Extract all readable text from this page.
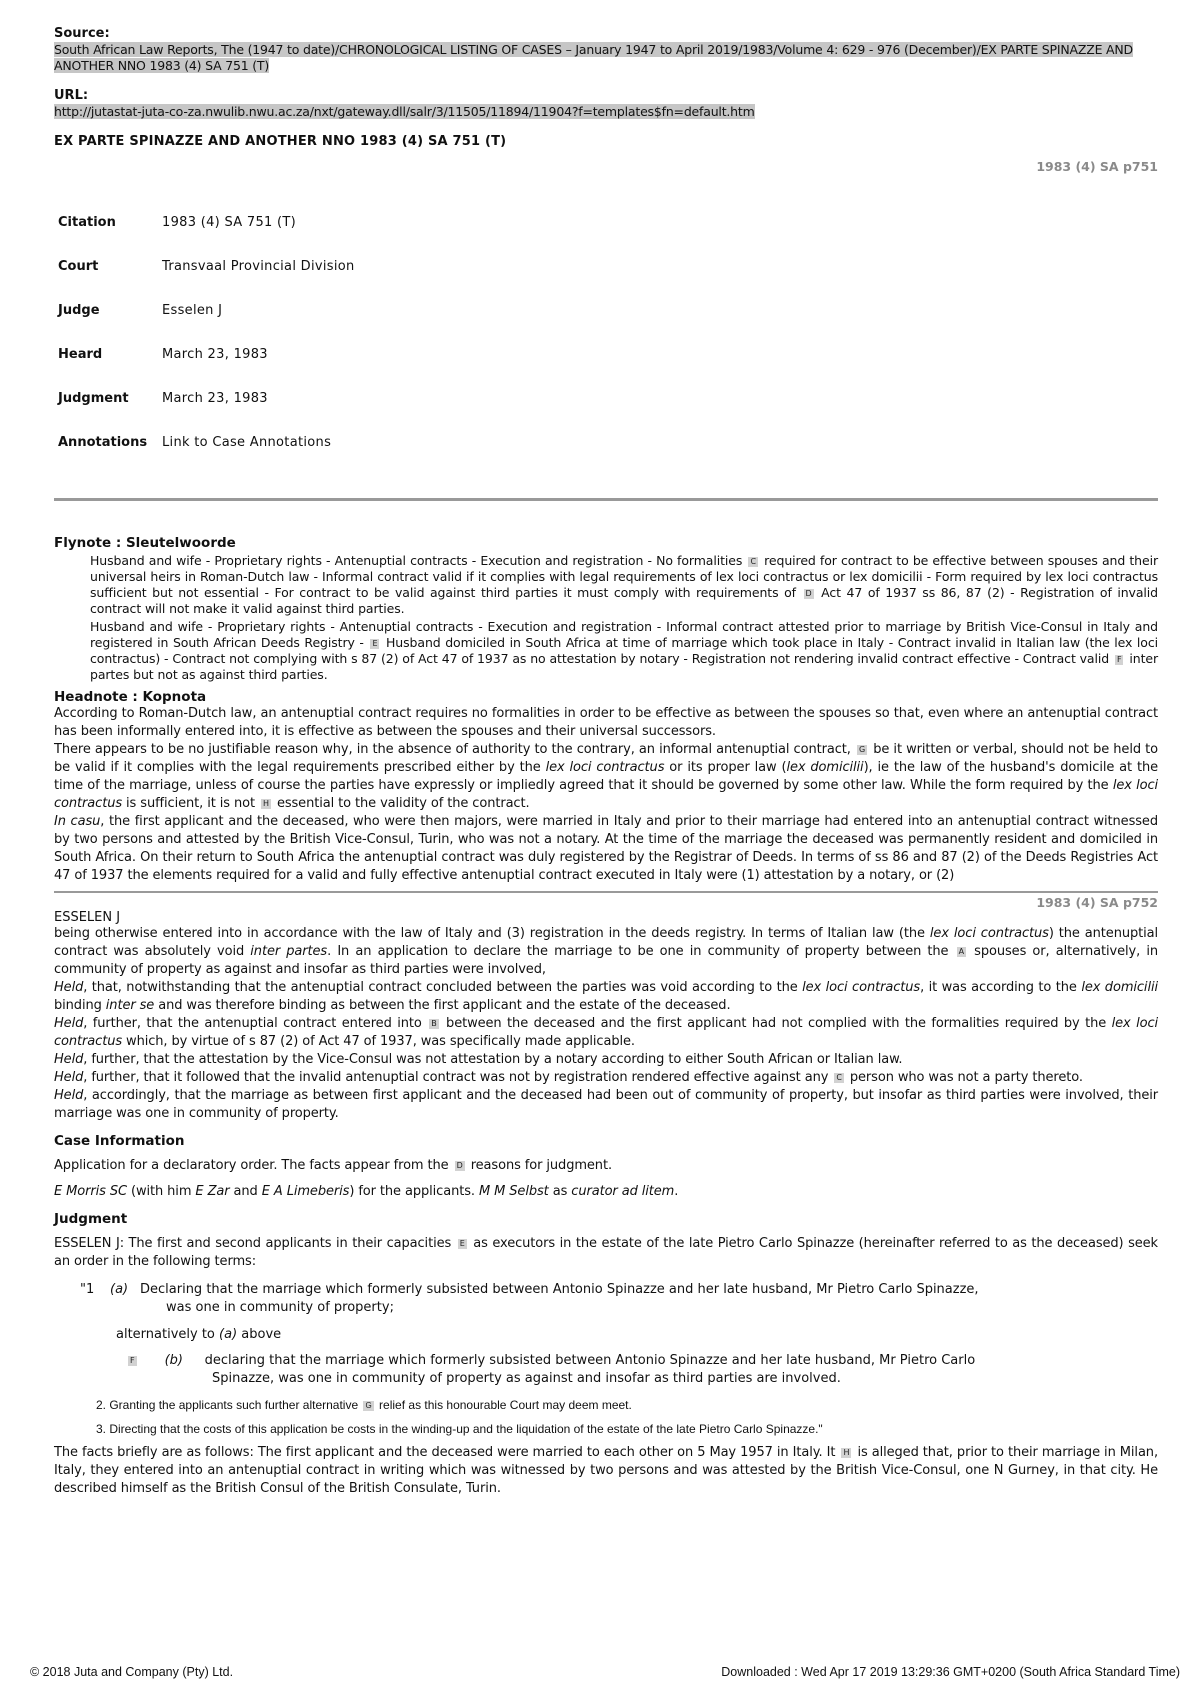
Source:

South African Law Reports, The (1947 to date)/CHRONOLOGICAL LISTING OF CASES – January 1947 to April 2019/1983/Volume 4: 629 - 976 (December)/EX PARTE SPINAZZE AND ANOTHER NNO 1983 (4) SA 751 (T)

URL:

http://jutastat-juta-co-za.nwulib.nwu.ac.za/nxt/gateway.dll/salr/3/11505/11894/11904?f=templates$fn=default.htm

EX PARTE SPINAZZE AND ANOTHER NNO 1983 (4) SA 751 (T)

1983 (4) SA p751

Citation	1983 (4) SA 751 (T)
Court	Transvaal Provincial Division
Judge	Esselen J
Heard	March 23, 1983
Judgment	March 23, 1983
Annotations	Link to Case Annotations

Flynote : Sleutelwoorde

Husband and wife - Proprietary rights - Antenuptial contracts - Execution and registration - No formalities C required for contract to be effective between spouses and their universal heirs in Roman-Dutch law - Informal contract valid if it complies with legal requirements of lex loci contractus or lex domicilii - Form required by lex loci contractus sufficient but not essential - For contract to be valid against third parties it must comply with requirements of D Act 47 of 1937 ss 86, 87 (2) - Registration of invalid contract will not make it valid against third parties.

Husband and wife - Proprietary rights - Antenuptial contracts - Execution and registration - Informal contract attested prior to marriage by British Vice-Consul in Italy and registered in South African Deeds Registry - E Husband domiciled in South Africa at time of marriage which took place in Italy - Contract invalid in Italian law (the lex loci contractus) - Contract not complying with s 87 (2) of Act 47 of 1937 as no attestation by notary - Registration not rendering invalid contract effective - Contract valid F inter partes but not as against third parties.

Headnote : Kopnota

According to Roman-Dutch law, an antenuptial contract requires no formalities in order to be effective as between the spouses so that, even where an antenuptial contract has been informally entered into, it is effective as between the spouses and their universal successors.

There appears to be no justifiable reason why, in the absence of authority to the contrary, an informal antenuptial contract, G be it written or verbal, should not be held to be valid if it complies with the legal requirements prescribed either by the lex loci contractus or its proper law (lex domicilii), ie the law of the husband's domicile at the time of the marriage, unless of course the parties have expressly or impliedly agreed that it should be governed by some other law. While the form required by the lex loci contractus is sufficient, it is not H essential to the validity of the contract.

In casu, the first applicant and the deceased, who were then majors, were married in Italy and prior to their marriage had entered into an antenuptial contract witnessed by two persons and attested by the British Vice-Consul, Turin, who was not a notary. At the time of the marriage the deceased was permanently resident and domiciled in South Africa. On their return to South Africa the antenuptial contract was duly registered by the Registrar of Deeds. In terms of ss 86 and 87 (2) of the Deeds Registries Act 47 of 1937 the elements required for a valid and fully effective antenuptial contract executed in Italy were (1) attestation by a notary, or (2)

1983 (4) SA p752

ESSELEN J

being otherwise entered into in accordance with the law of Italy and (3) registration in the deeds registry. In terms of Italian law (the lex loci contractus) the antenuptial contract was absolutely void inter partes. In an application to declare the marriage to be one in community of property between the A spouses or, alternatively, in community of property as against and insofar as third parties were involved,

Held, that, notwithstanding that the antenuptial contract concluded between the parties was void according to the lex loci contractus, it was according to the lex domicilii binding inter se and was therefore binding as between the first applicant and the estate of the deceased.

Held, further, that the antenuptial contract entered into B between the deceased and the first applicant had not complied with the formalities required by the lex loci contractus which, by virtue of s 87 (2) of Act 47 of 1937, was specifically made applicable.

Held, further, that the attestation by the Vice-Consul was not attestation by a notary according to either South African or Italian law.

Held, further, that it followed that the invalid antenuptial contract was not by registration rendered effective against any C person who was not a party thereto.

Held, accordingly, that the marriage as between first applicant and the deceased had been out of community of property, but insofar as third parties were involved, their marriage was one in community of property.

Case Information

Application for a declaratory order. The facts appear from the D reasons for judgment.

E Morris SC (with him E Zar and E A Limeberis) for the applicants. M M Selbst as curator ad litem.

Judgment

ESSELEN J: The first and second applicants in their capacities E as executors in the estate of the late Pietro Carlo Spinazze (hereinafter referred to as the deceased) seek an order in the following terms:

"1 (a) Declaring that the marriage which formerly subsisted between Antonio Spinazze and her late husband, Mr Pietro Carlo Spinazze,
was one in community of property;

alternatively to (a) above

F (b) declaring that the marriage which formerly subsisted between Antonio Spinazze and her late husband, Mr Pietro Carlo
Spinazze, was one in community of property as against and insofar as third parties are involved.

2. Granting the applicants such further alternative G relief as this honourable Court may deem meet.

3. Directing that the costs of this application be costs in the winding-up and the liquidation of the estate of the late Pietro Carlo Spinazze."

The facts briefly are as follows: The first applicant and the deceased were married to each other on 5 May 1957 in Italy. It H is alleged that, prior to their marriage in Milan, Italy, they entered into an antenuptial contract in writing which was witnessed by two persons and was attested by the British Vice-Consul, one N Gurney, in that city. He described himself as the British Consul of the British Consulate, Turin.

© 2018 Juta and Company (Pty) Ltd.	Downloaded : Wed Apr 17 2019 13:29:36 GMT+0200 (South Africa Standard Time)
